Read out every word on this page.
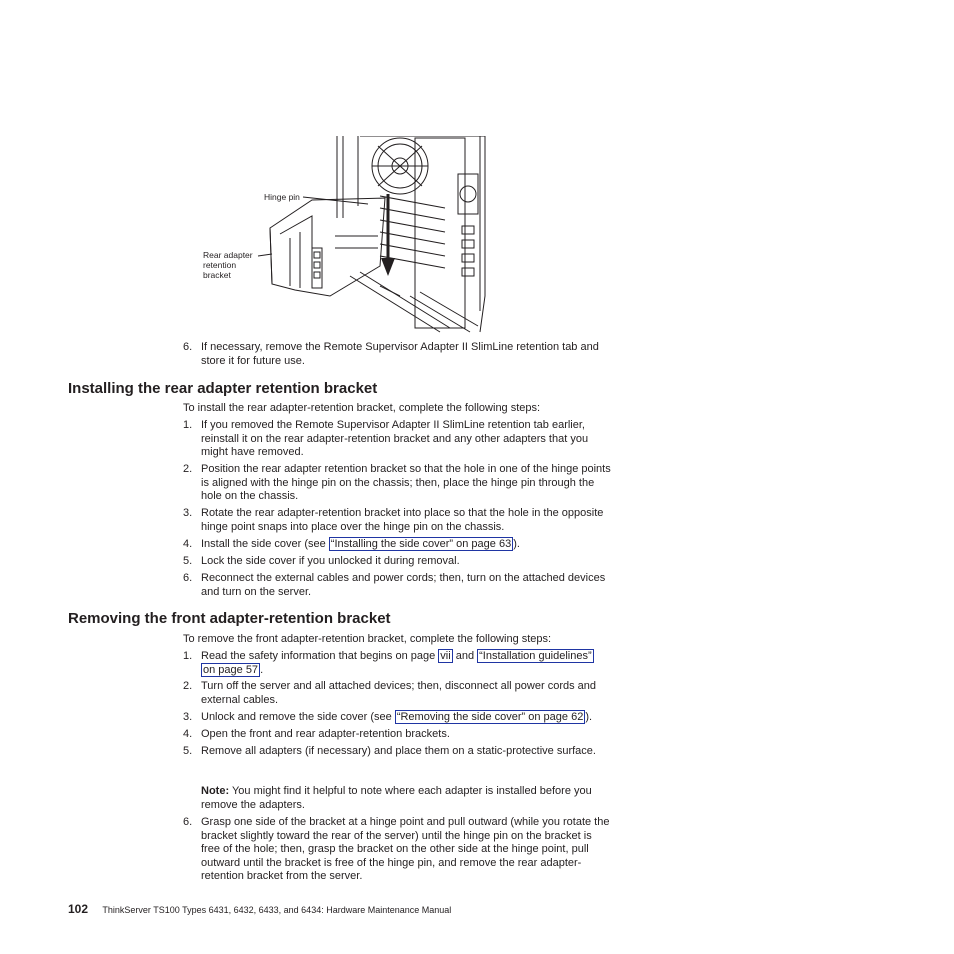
Hinge pin
Rear adapter
retention
bracket
6. If necessary, remove the Remote Supervisor Adapter II SlimLine retention tab and store it for future use.
Installing the rear adapter retention bracket
To install the rear adapter-retention bracket, complete the following steps:
1. If you removed the Remote Supervisor Adapter II SlimLine retention tab earlier, reinstall it on the rear adapter-retention bracket and any other adapters that you might have removed.
2. Position the rear adapter retention bracket so that the hole in one of the hinge points is aligned with the hinge pin on the chassis; then, place the hinge pin through the hole on the chassis.
3. Rotate the rear adapter-retention bracket into place so that the hole in the opposite hinge point snaps into place over the hinge pin on the chassis.
4. Install the side cover (see “Installing the side cover” on page 63 ).
5. Lock the side cover if you unlocked it during removal.
6. Reconnect the external cables and power cords; then, turn on the attached devices and turn on the server.
Removing the front adapter-retention bracket
To remove the front adapter-retention bracket, complete the following steps:
1. Read the safety information that begins on page vii and “Installation guidelines”
on page 57 .
2. Turn off the server and all attached devices; then, disconnect all power cords and external cables.
3. Unlock and remove the side cover (see “Removing the side cover” on page 62 ).
4. Open the front and rear adapter-retention brackets.
5. Remove all adapters (if necessary) and place them on a static-protective surface.
Note: You might find it helpful to note where each adapter is installed before you remove the adapters.
6. Grasp one side of the bracket at a hinge point and pull outward (while you rotate the bracket slightly toward the rear of the server) until the hinge pin on the bracket is free of the hole; then, grasp the bracket on the other side at the hinge point, pull outward until the bracket is free of the hinge pin, and remove the rear adapter-retention bracket from the server.
102 ThinkServer TS100 Types 6431, 6432, 6433, and 6434: Hardware Maintenance Manual
